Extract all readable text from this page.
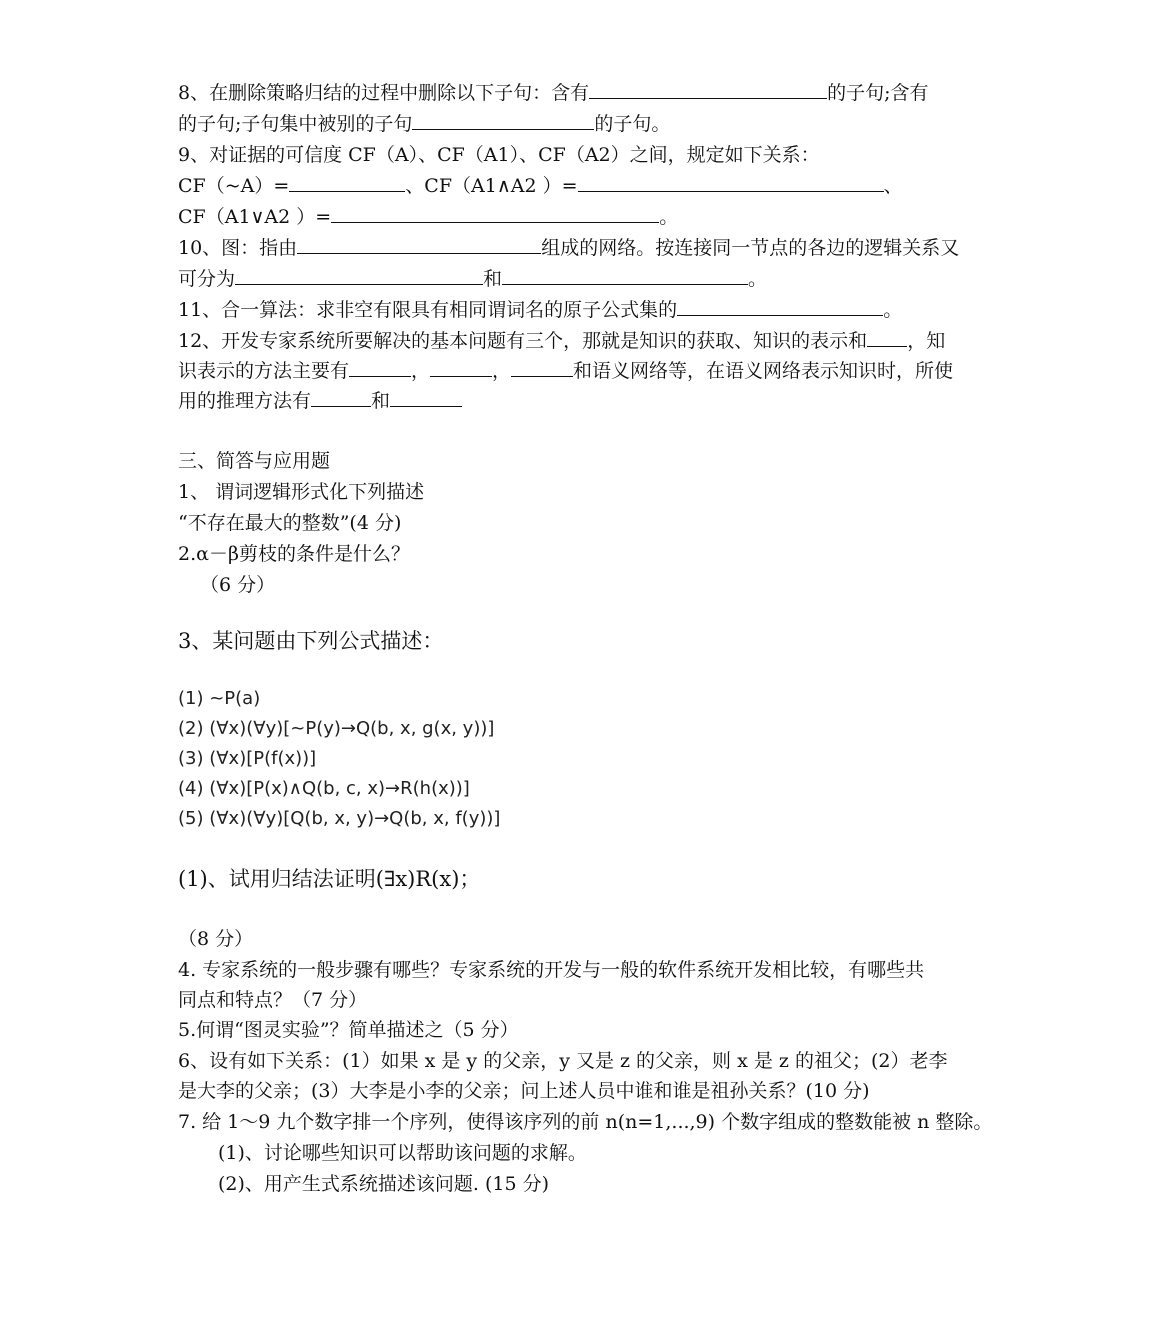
8、在删除策略归结的过程中删除以下子句：含有	的子句;含有
的子句;子句集中被别的子句	的子句。
9、对证据的可信度 CF（A）、CF（A1）、CF（A2）之间，规定如下关系：
CF（~A）=	、CF（A1∧A2 ）=	、
CF（A1∨A2 ）=	。
10、图：指由	组成的网络。按连接同一节点的各边的逻辑关系又
可分为	和	。
11、合一算法：求非空有限具有相同谓词名的原子公式集的	。
12、开发专家系统所要解决的基本问题有三个，那就是知识的获取、知识的表示和 ，知
识表示的方法主要有	，	，	和语义网络等，在语义网络表示知识时，所使
用的推理方法有	和
三、简答与应用题
1、 谓词逻辑形式化下列描述
“不存在最大的整数”(4 分)
2.α－β剪枝的条件是什么？
（6 分）
3、某问题由下列公式描述：
(1) ~P(a)
(2) (∀x)(∀y)[~P(y)→Q(b, x, g(x, y))]
(3) (∀x)[P(f(x))]
(4) (∀x)[P(x)∧Q(b, c, x)→R(h(x))]
(5) (∀x)(∀y)[Q(b, x, y)→Q(b, x, f(y))]
(1)、试用归结法证明(∃x)R(x)；
（8 分）
4. 专家系统的一般步骤有哪些？专家系统的开发与一般的软件系统开发相比较，有哪些共
同点和特点？（7 分）
5.何谓“图灵实验”？简单描述之（5 分）
6、设有如下关系：(1）如果 x 是 y 的父亲，y 又是 z 的父亲，则 x 是 z 的祖父；(2）老李
是大李的父亲；(3）大李是小李的父亲；问上述人员中谁和谁是祖孙关系？(10 分)
7. 给 1～9 九个数字排一个序列，使得该序列的前 n(n=1,...,9) 个数字组成的整数能被 n 整除。
(1)、讨论哪些知识可以帮助该问题的求解。
(2)、用产生式系统描述该问题. (15 分)
